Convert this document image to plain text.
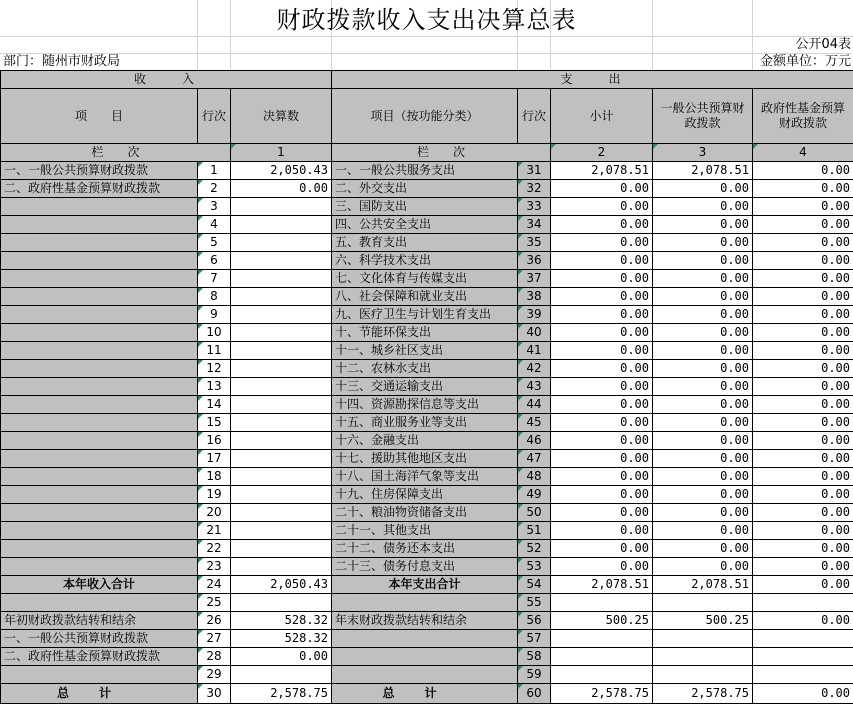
财政拨款收入支出决算总表
公开04表
部门：随州市财政局	金额单位：万元
收　　入			支　　出				
项　　目	行次	决算数	项目（按功能分类）	行次	小计	一般公共预算财政拨款	政府性基金预算财政拨款
栏　　次		1	栏　　次		2	3	4
一、一般公共预算财政拨款	1	2,050.43	一、一般公共服务支出	31	2,078.51	2,078.51	0.00
二、政府性基金预算财政拨款	2	0.00	二、外交支出	32	0.00	0.00	0.00
	3		三、国防支出	33	0.00	0.00	0.00
	4		四、公共安全支出	34	0.00	0.00	0.00
	5		五、教育支出	35	0.00	0.00	0.00
	6		六、科学技术支出	36	0.00	0.00	0.00
	7		七、文化体育与传媒支出	37	0.00	0.00	0.00
	8		八、社会保障和就业支出	38	0.00	0.00	0.00
	9		九、医疗卫生与计划生育支出	39	0.00	0.00	0.00
	10		十、节能环保支出	40	0.00	0.00	0.00
	11		十一、城乡社区支出	41	0.00	0.00	0.00
	12		十二、农林水支出	42	0.00	0.00	0.00
	13		十三、交通运输支出	43	0.00	0.00	0.00
	14		十四、资源勘探信息等支出	44	0.00	0.00	0.00
	15		十五、商业服务业等支出	45	0.00	0.00	0.00
	16		十六、金融支出	46	0.00	0.00	0.00
	17		十七、援助其他地区支出	47	0.00	0.00	0.00
	18		十八、国土海洋气象等支出	48	0.00	0.00	0.00
	19		十九、住房保障支出	49	0.00	0.00	0.00
	20		二十、粮油物资储备支出	50	0.00	0.00	0.00
	21		二十一、其他支出	51	0.00	0.00	0.00
	22		二十二、债务还本支出	52	0.00	0.00	0.00
	23		二十三、债务付息支出	53	0.00	0.00	0.00
本年收入合计	24	2,050.43	本年支出合计	54	2,078.51	2,078.51	0.00
	25			55			
年初财政拨款结转和结余	26	528.32	年末财政拨款结转和结余	56	500.25	500.25	0.00
一、一般公共预算财政拨款	27	528.32		57			
二、政府性基金预算财政拨款	28	0.00		58			
	29			59			
总计	30	2,578.75	总计	60	2,578.75	2,578.75	0.00
